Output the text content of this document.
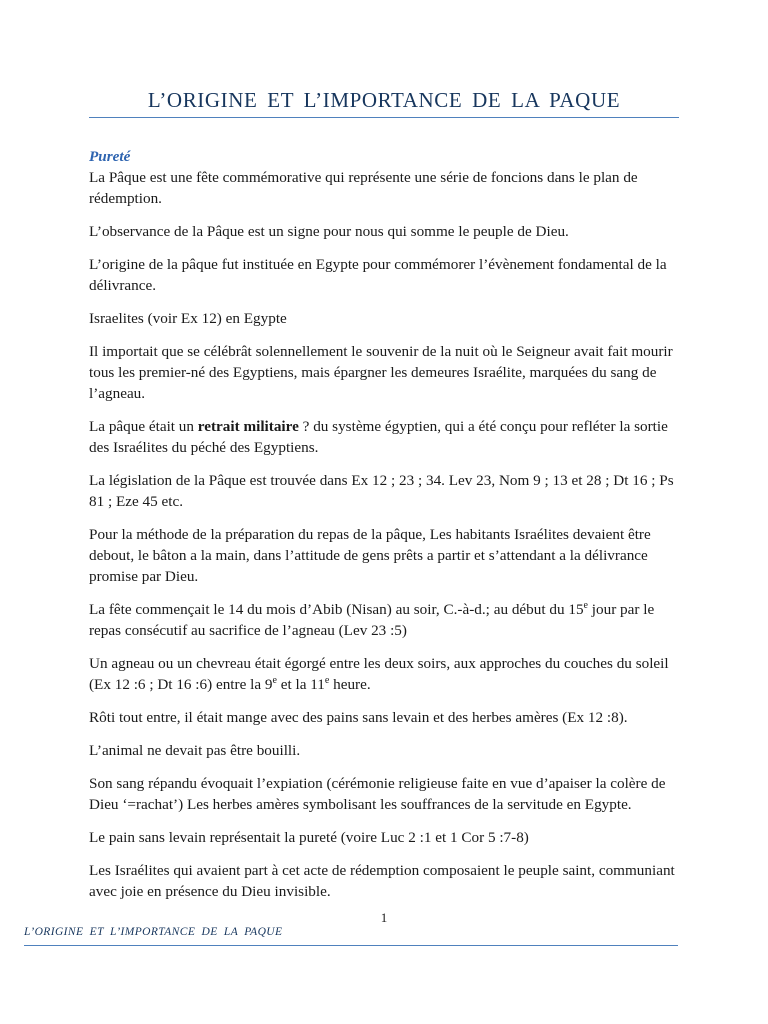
L’ORIGINE ET L’IMPORTANCE DE LA PAQUE

Pureté

La Pâque est une fête commémorative qui représente une série de foncions dans le plan de rédemption.

L’observance de la Pâque est un signe pour nous qui somme le peuple de Dieu.

L’origine de la pâque fut instituée en Egypte pour commémorer l’évènement fondamental de la délivrance.

Israelites (voir Ex 12) en Egypte

Il importait que se célébrât solennellement le souvenir de la nuit où le Seigneur avait fait mourir tous les premier-né des Egyptiens, mais épargner les demeures Israélite, marquées du sang de l’agneau.

La pâque était un retrait militaire ? du système égyptien, qui a été conçu pour refléter la sortie des Israélites du péché des Egyptiens.

La législation de la Pâque est trouvée dans Ex 12 ; 23 ; 34. Lev 23, Nom 9 ; 13 et 28 ; Dt 16 ; Ps 81 ; Eze 45 etc.

Pour la méthode de la préparation du repas de la pâque, Les habitants Israélites devaient être debout, le bâton a la main, dans l’attitude de gens prêts a partir et s’attendant a la délivrance promise par Dieu.

La fête commençait le 14 du mois d’Abib (Nisan) au soir, C.-à-d.; au début du 15e jour par le repas consécutif au sacrifice de l’agneau (Lev 23 :5)

Un agneau ou un chevreau était égorgé entre les deux soirs, aux approches du couches du soleil (Ex 12 :6 ; Dt 16 :6) entre la 9e et la 11e heure.

Rôti tout entre, il était mange avec des pains sans levain et des herbes amères (Ex 12 :8).

L’animal ne devait pas être bouilli.

Son sang répandu évoquait l’expiation (cérémonie religieuse faite en vue d’apaiser la colère de Dieu ‘=rachat’) Les herbes amères symbolisant les souffrances de la servitude en Egypte.

Le pain sans levain représentait la pureté (voire Luc 2 :1 et 1 Cor 5 :7-8)

Les Israélites qui avaient part à cet acte de rédemption composaient le peuple saint, communiant avec joie en présence du Dieu invisible.

1
L’ORIGINE ET L’IMPORTANCE DE LA PAQUE
